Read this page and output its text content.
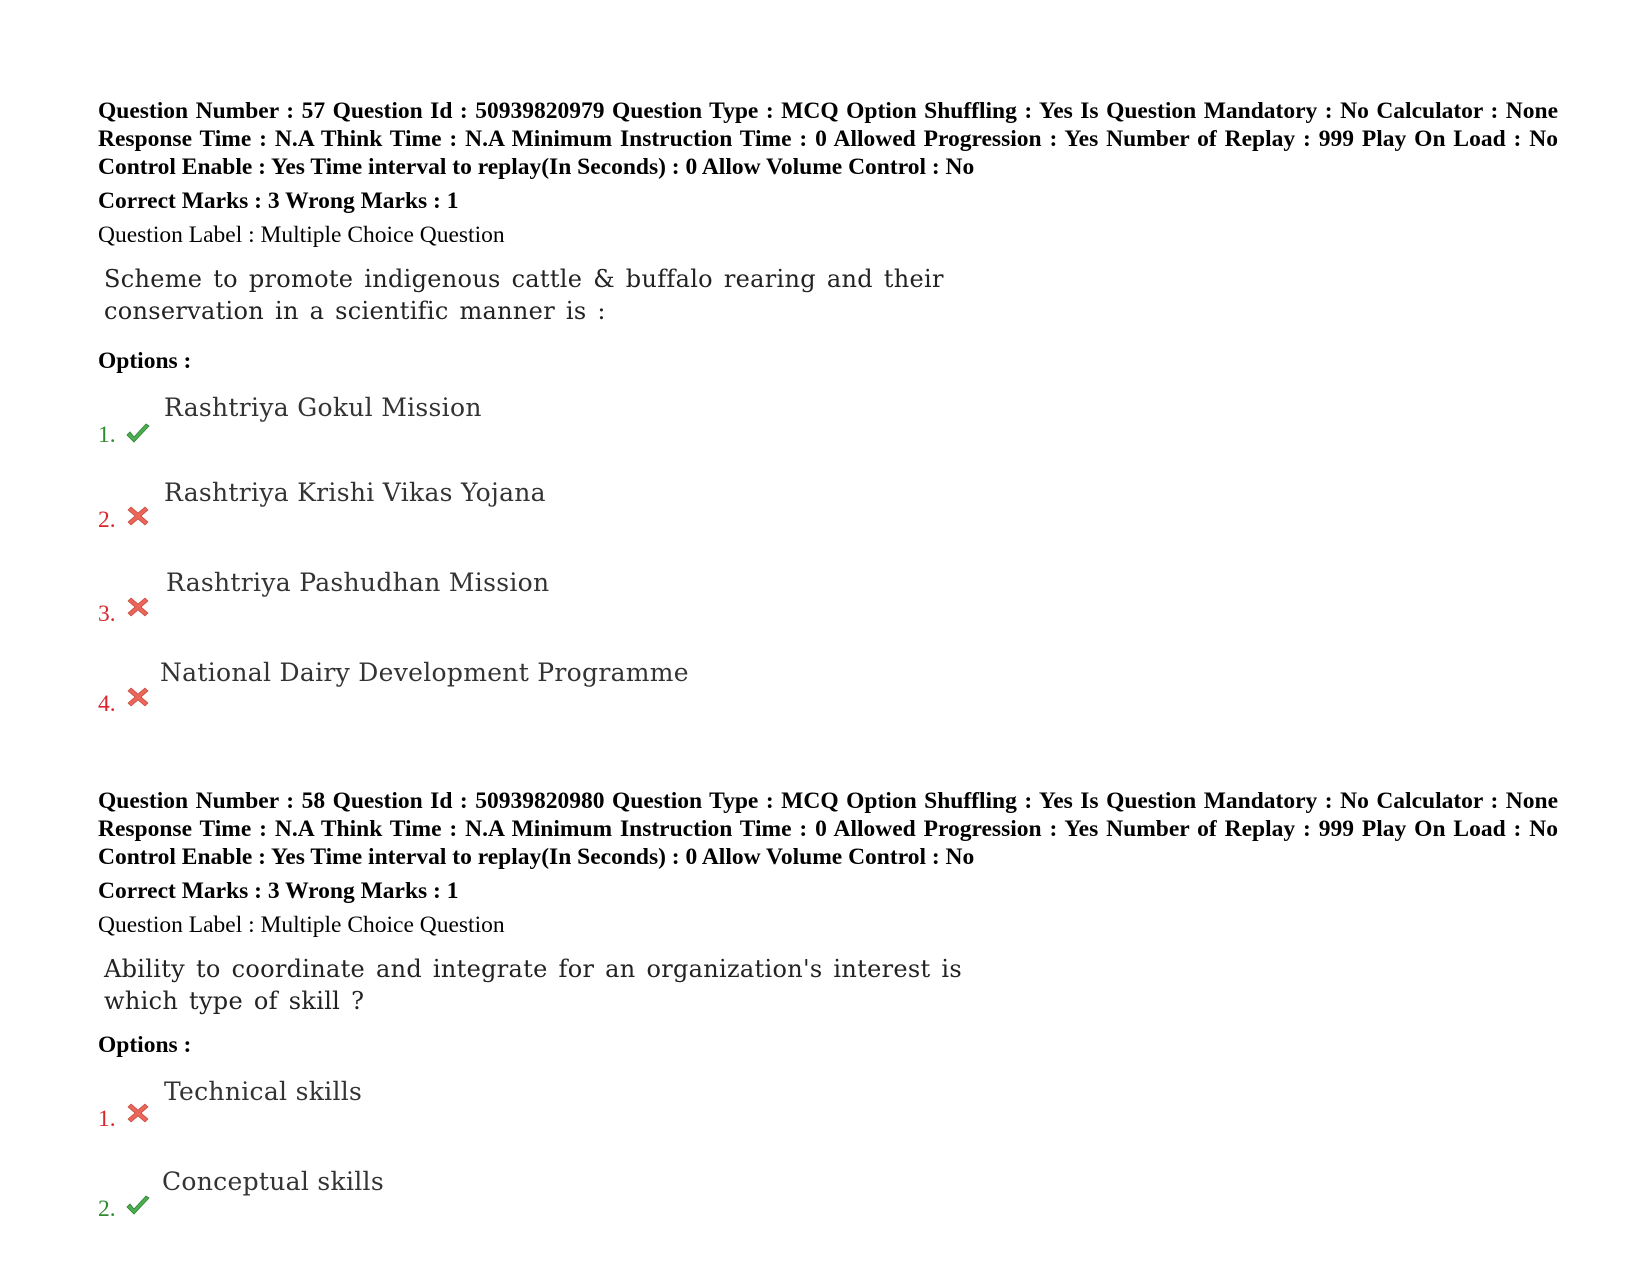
Question Number : 57 Question Id : 50939820979 Question Type : MCQ Option Shuffling : Yes Is Question Mandatory : No Calculator : None Response Time : N.A Think Time : N.A Minimum Instruction Time : 0 Allowed Progression : Yes Number of Replay : 999 Play On Load : No Control Enable : Yes Time interval to replay(In Seconds) : 0 Allow Volume Control : No

Correct Marks : 3 Wrong Marks : 1

Question Label : Multiple Choice Question

Scheme to promote indigenous cattle & buffalo rearing and their
conservation in a scientific manner is :

Options :

1.
Rashtriya Gokul Mission
2.
Rashtriya Krishi Vikas Yojana
3.
Rashtriya Pashudhan Mission
4.
National Dairy Development Programme

Question Number : 58 Question Id : 50939820980 Question Type : MCQ Option Shuffling : Yes Is Question Mandatory : No Calculator : None Response Time : N.A Think Time : N.A Minimum Instruction Time : 0 Allowed Progression : Yes Number of Replay : 999 Play On Load : No Control Enable : Yes Time interval to replay(In Seconds) : 0 Allow Volume Control : No

Correct Marks : 3 Wrong Marks : 1

Question Label : Multiple Choice Question

Ability to coordinate and integrate for an organization's interest is
which type of skill ?

Options :

1.
Technical skills
2.
Conceptual skills
